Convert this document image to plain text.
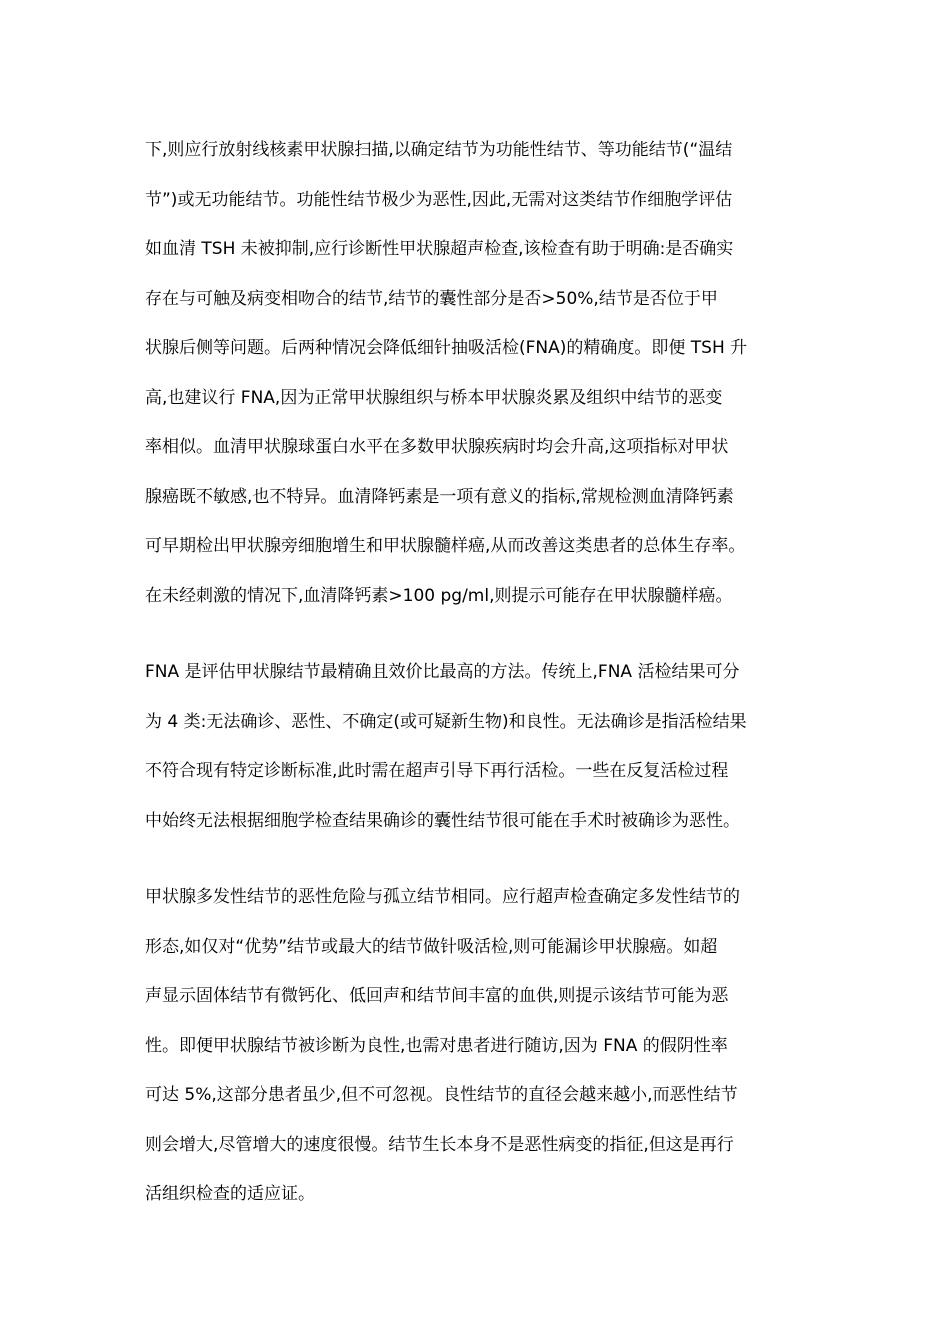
下,则应行放射线核素甲状腺扫描,以确定结节为功能性结节、等功能结节(“温结
节”)或无功能结节。功能性结节极少为恶性,因此,无需对这类结节作细胞学评估
如血清 TSH 未被抑制,应行诊断性甲状腺超声检查,该检查有助于明确:是否确实
存在与可触及病变相吻合的结节,结节的囊性部分是否>50%,结节是否位于甲
状腺后侧等问题。后两种情况会降低细针抽吸活检(FNA)的精确度。即便 TSH 升
高,也建议行 FNA,因为正常甲状腺组织与桥本甲状腺炎累及组织中结节的恶变
率相似。血清甲状腺球蛋白水平在多数甲状腺疾病时均会升高,这项指标对甲状
腺癌既不敏感,也不特异。血清降钙素是一项有意义的指标,常规检测血清降钙素
可早期检出甲状腺旁细胞增生和甲状腺髓样癌,从而改善这类患者的总体生存率。
在未经刺激的情况下,血清降钙素>100 pg/ml,则提示可能存在甲状腺髓样癌。
FNA 是评估甲状腺结节最精确且效价比最高的方法。传统上,FNA 活检结果可分
为 4 类:无法确诊、恶性、不确定(或可疑新生物)和良性。无法确诊是指活检结果
不符合现有特定诊断标准,此时需在超声引导下再行活检。一些在反复活检过程
中始终无法根据细胞学检查结果确诊的囊性结节很可能在手术时被确诊为恶性。
甲状腺多发性结节的恶性危险与孤立结节相同。应行超声检查确定多发性结节的
形态,如仅对“优势”结节或最大的结节做针吸活检,则可能漏诊甲状腺癌。如超
声显示固体结节有微钙化、低回声和结节间丰富的血供,则提示该结节可能为恶
性。即便甲状腺结节被诊断为良性,也需对患者进行随访,因为 FNA 的假阴性率
可达 5%,这部分患者虽少,但不可忽视。良性结节的直径会越来越小,而恶性结节
则会增大,尽管增大的速度很慢。结节生长本身不是恶性病变的指征,但这是再行
活组织检查的适应证。
